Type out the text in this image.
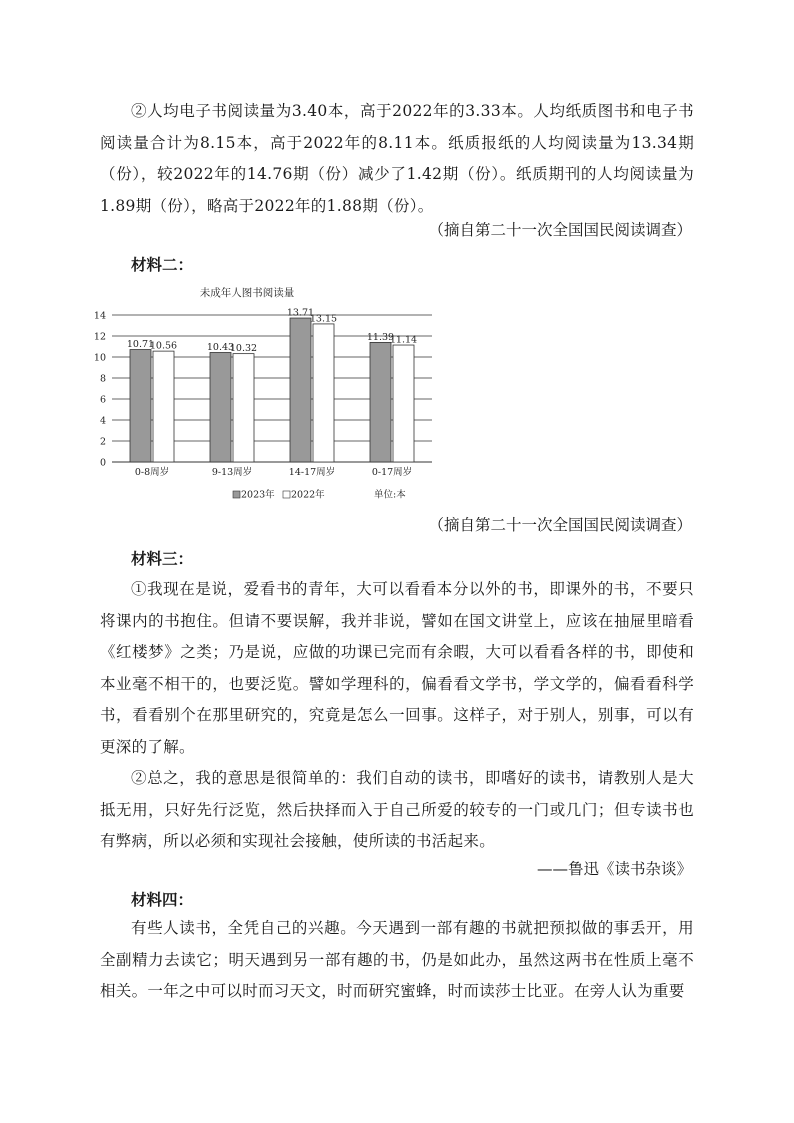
②人均电子书阅读量为3.40本，高于2022年的3.33本。人均纸质图书和电子书阅读量合计为8.15本，高于2022年的8.11本。纸质报纸的人均阅读量为13.34期（份），较2022年的14.76期（份）减少了1.42期（份）。纸质期刊的人均阅读量为1.89期（份），略高于2022年的1.88期（份）。

（摘自第二十一次全国国民阅读调查）
材料二：
未成年人图书阅读量
0
2
4
6
8
10
12
14
10.71
10.56	10.43
10.32
13.71
13.15
11.39
11.14
0-8周岁	9-13周岁	14-17周岁	0-17周岁
2023年 2022年	单位:本
（摘自第二十一次全国国民阅读调查）
材料三：

①我现在是说，爱看书的青年，大可以看看本分以外的书，即课外的书，不要只将课内的书抱住。但请不要误解，我并非说，譬如在国文讲堂上，应该在抽屉里暗看《红楼梦》之类；乃是说，应做的功课已完而有余暇，大可以看看各样的书，即使和本业毫不相干的，也要泛览。譬如学理科的，偏看看文学书，学文学的，偏看看科学书，看看别个在那里研究的，究竟是怎么一回事。这样子，对于别人，别事，可以有更深的了解。

②总之，我的意思是很简单的：我们自动的读书，即嗜好的读书，请教别人是大抵无用，只好先行泛览，然后抉择而入于自己所爱的较专的一门或几门；但专读书也有弊病，所以必须和实现社会接触，使所读的书活起来。

——鲁迅《读书杂谈》
材料四：

有些人读书，全凭自己的兴趣。今天遇到一部有趣的书就把预拟做的事丢开，用全副精力去读它；明天遇到另一部有趣的书，仍是如此办，虽然这两书在性质上毫不相关。一年之中可以时而习天文，时而研究蜜蜂，时而读莎士比亚。在旁人认为重要
